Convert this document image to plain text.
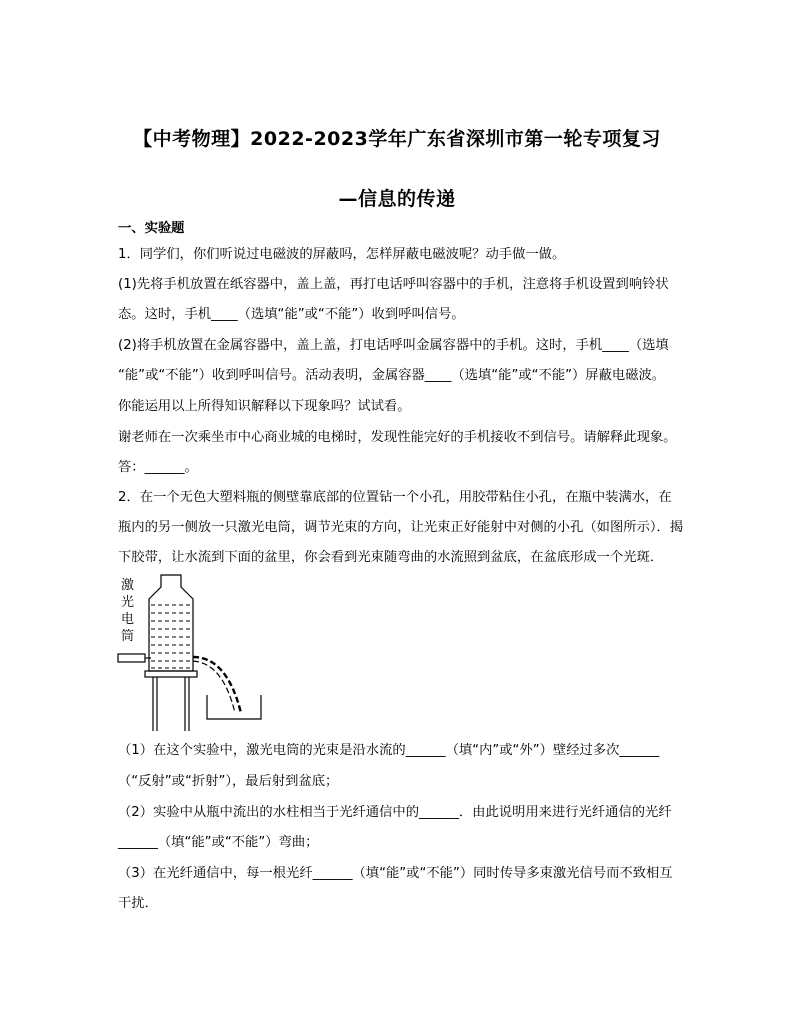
【中考物理】2022-2023学年广东省深圳市第一轮专项复习
—信息的传递
一、实验题
1．同学们，你们听说过电磁波的屏蔽吗，怎样屏蔽电磁波呢？动手做一做。
(1)先将手机放置在纸容器中，盖上盖，再打电话呼叫容器中的手机，注意将手机设置到响铃状
态。这时，手机____（选填“能”或“不能”）收到呼叫信号。
(2)将手机放置在金属容器中，盖上盖，打电话呼叫金属容器中的手机。这时，手机____（选填
“能”或“不能”）收到呼叫信号。活动表明，金属容器____（选填“能”或“不能”）屏蔽电磁波。
你能运用以上所得知识解释以下现象吗？试试看。
谢老师在一次乘坐市中心商业城的电梯时，发现性能完好的手机接收不到信号。请解释此现象。
答：______。
2．在一个无色大塑料瓶的侧壁靠底部的位置钻一个小孔，用胶带粘住小孔，在瓶中装满水，在
瓶内的另一侧放一只激光电筒，调节光束的方向，让光束正好能射中对侧的小孔（如图所示）．揭
下胶带，让水流到下面的盆里，你会看到光束随弯曲的水流照到盆底，在盆底形成一个光斑．
激
光
电
筒
（1）在这个实验中，激光电筒的光束是沿水流的______（填“内”或“外”）壁经过多次______
（“反射”或“折射”），最后射到盆底；
（2）实验中从瓶中流出的水柱相当于光纤通信中的______．由此说明用来进行光纤通信的光纤
______（填“能”或“不能”）弯曲；
（3）在光纤通信中，每一根光纤______（填“能”或“不能”）同时传导多束激光信号而不致相互
干扰．
